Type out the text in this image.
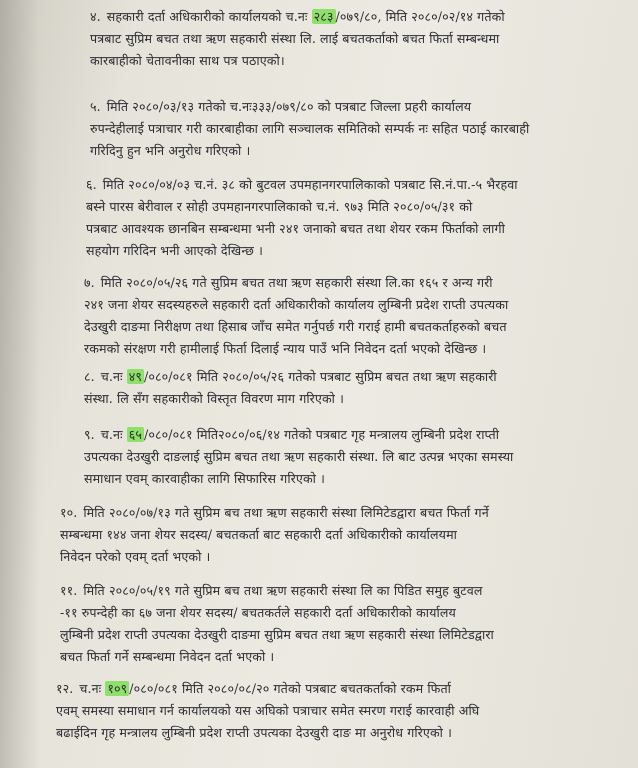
४. सहकारी दर्ता अधिकारीको कार्यालयको च.नः २८३ /०७९/८०, मिति २०८०/०२/१४ गतेको
पत्रबाट सुप्रिम बचत तथा ऋण सहकारी संस्था लि. लाई बचतकर्ताको बचत फिर्ता सम्बन्धमा
कारबाहीको चेतावनीका साथ पत्र पठाएको।
५. मिति २०८०/०३/१३ गतेको च.नः३३३/०७९/८० को पत्रबाट जिल्ला प्रहरी कार्यालय
रुपन्देहीलाई पत्राचार गरी कारबाहीका लागि सञ्चालक समितिको सम्पर्क नः सहित पठाई कारबाही
गरिदिनु हुन भनि अनुरोध गरिएको ।
६. मिति २०८०/०४/०३ च.नं. ३८ को बुटवल उपमहानगरपालिकाको पत्रबाट सि.नं.पा.-५ भैरहवा
बस्ने पारस बेरीवाल र सोही उपमहानगरपालिकाको च.नं. ९७३ मिति २०८०/०५/३१ को
पत्रबाट आवश्यक छानबिन सम्बन्धमा भनी २४१ जनाको बचत तथा शेयर रकम फिर्ताको लागी
सहयोग गरिदिन भनी आएको देखिन्छ ।
७. मिति २०८०/०५/२६ गते सुप्रिम बचत तथा ऋण सहकारी संस्था लि.का १६५ र अन्य गरी
२४१ जना शेयर सदस्यहरुले सहकारी दर्ता अधिकारीको कार्यालय लुम्बिनी प्रदेश राप्ती उपत्यका
देउखुरी दाङमा निरीक्षण तथा हिसाब जाँच समेत गर्नुपर्छ गरी गराई हामी बचतकर्ताहरुको बचत
रकमको संरक्षण गरी हामीलाई फिर्ता दिलाई न्याय पाउँ भनि निवेदन दर्ता भएको देखिन्छ ।
८. च.नः ४९ /०८०/०८१ मिति २०८०/०५/२६ गतेको पत्रबाट सुप्रिम बचत तथा ऋण सहकारी
संस्था. लि सँग सहकारीको विस्तृत विवरण माग गरिएको ।
९. च.नः ६५ /०८०/०८१ मिति२०८०/०६/१४ गतेको पत्रबाट गृह मन्त्रालय लुम्बिनी प्रदेश राप्ती
उपत्यका देउखुरी दाङलाई सुप्रिम बचत तथा ऋण सहकारी संस्था. लि बाट उत्पन्न भएका समस्या
समाधान एवम् कारवाहीका लागि सिफारिस गरिएको ।
१०. मिति २०८०/०७/१३ गते सुप्रिम बच तथा ऋण सहकारी संस्था लिमिटेडद्वारा बचत फिर्ता गर्ने
सम्बन्धमा १४४ जना शेयर सदस्य/ बचतकर्ता बाट सहकारी दर्ता अधिकारीको कार्यालयमा
निवेदन परेको एवम् दर्ता भएको ।
११. मिति २०८०/०५/१९ गते सुप्रिम बच तथा ऋण सहकारी संस्था लि का पिडित समुह बुटवल
-११ रुपन्देही का ६७ जना शेयर सदस्य/ बचतकर्तले सहकारी दर्ता अधिकारीको कार्यालय
लुम्बिनी प्रदेश राप्ती उपत्यका देउखुरी दाङमा सुप्रिम बचत तथा ऋण सहकारी संस्था लिमिटेडद्वारा
बचत फिर्ता गर्ने सम्बन्धमा निवेदन दर्ता भएको ।
१२. च.नः १०९ /०८०/०८१ मिति २०८०/०८/२० गतेको पत्रबाट बचतकर्ताको रकम फिर्ता
एवम् समस्या समाधान गर्न कार्यालयको यस अघिको पत्राचार समेत स्मरण गराई कारवाही अघि
बढाईदिन गृह मन्त्रालय लुम्बिनी प्रदेश राप्ती उपत्यका देउखुरी दाङ मा अनुरोध गरिएको ।
